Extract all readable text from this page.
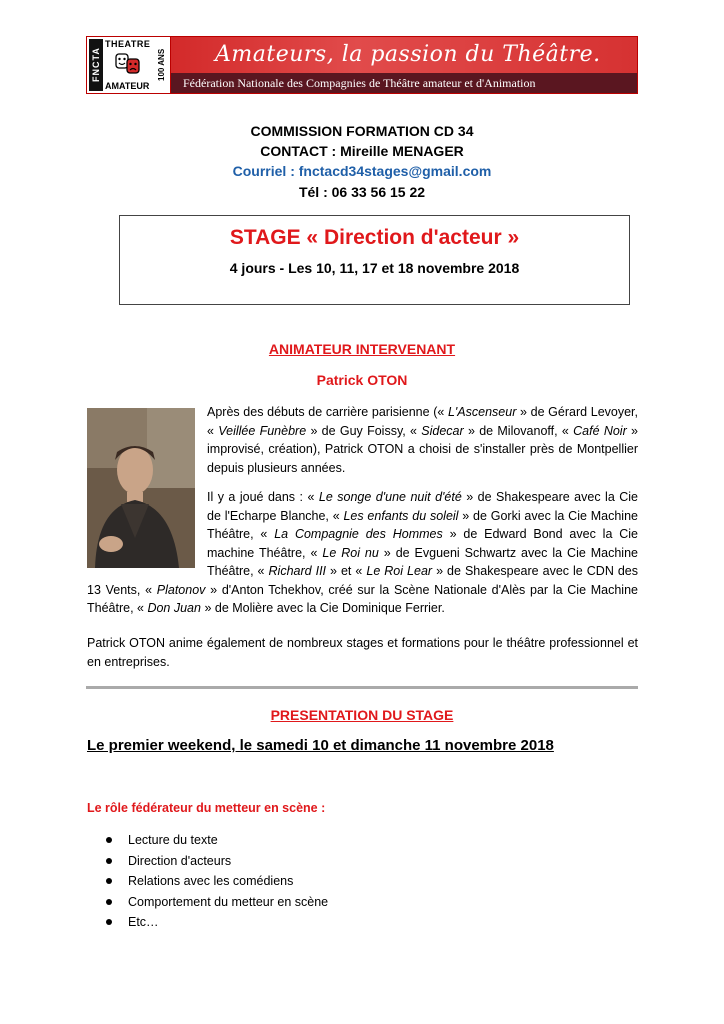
FNCTA
THEATRE
AMATEUR
100 ANS	Amateurs, la passion du Théâtre.
Fédération Nationale des Compagnies de Théâtre amateur et d'Animation
COMMISSION FORMATION CD 34
CONTACT : Mireille MENAGER
Courriel : fnctacd34stages@gmail.com
Tél : 06 33 56 15 22
STAGE « Direction d'acteur »
4 jours - Les 10, 11, 17 et 18 novembre 2018
ANIMATEUR INTERVENANT
Patrick OTON
Après des débuts de carrière parisienne (« L'Ascenseur » de Gérard Levoyer, « Veillée Funèbre » de Guy Foissy, « Sidecar » de Milovanoff, « Café Noir » improvisé, création), Patrick OTON a choisi de s'installer près de Montpellier depuis plusieurs années.
Il y a joué dans : « Le songe d'une nuit d'été » de Shakespeare avec la Cie de l'Echarpe Blanche, « Les enfants du soleil » de Gorki avec la Cie Machine Théâtre, « La Compagnie des Hommes » de Edward Bond avec la Cie machine Théâtre, « Le Roi nu » de Evgueni Schwartz avec la Cie Machine Théâtre, « Richard III » et « Le Roi Lear » de Shakespeare avec le CDN des 13 Vents, « Platonov » d'Anton Tchekhov, créé sur la Scène Nationale d'Alès par la Cie Machine Théâtre, « Don Juan » de Molière avec la Cie Dominique Ferrier.
Patrick OTON anime également de nombreux stages et formations pour le théâtre professionnel et en entreprises.
PRESENTATION DU STAGE
Le premier weekend, le samedi 10 et dimanche 11 novembre 2018
Le rôle fédérateur du metteur en scène :
Lecture du texte
Direction d'acteurs
Relations avec les comédiens
Comportement du metteur en scène
Etc…
